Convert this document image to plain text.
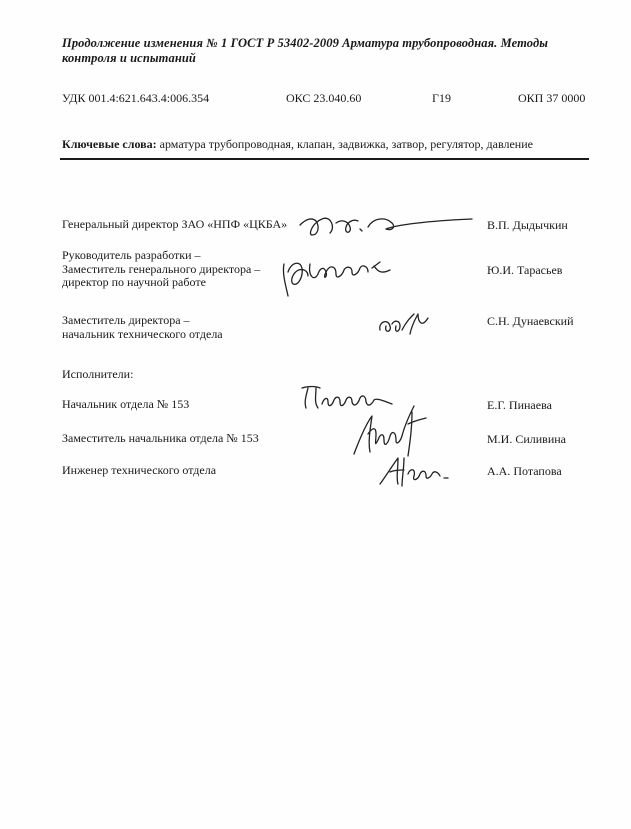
Продолжение изменения № 1 ГОСТ Р 53402-2009 Арматура трубопроводная. Методы контроля и испытаний
УДК 001.4:621.643.4:006.354	ОКС 23.040.60	Г19	ОКП 37 0000
Ключевые слова: арматура трубопроводная, клапан, задвижка, затвор, регулятор, давление
Генеральный директор ЗАО «НПФ «ЦКБА»	В.П. Дыдычкин
Руководитель разработки –
Заместитель генерального директора –
директор по научной работе
Ю.И. Тарасьев
Заместитель директора –
начальник технического отдела
С.Н. Дунаевский
Исполнители:
Начальник отдела № 153	Е.Г. Пинаева
Заместитель начальника отдела № 153	М.И. Силивина
Инженер технического отдела	А.А. Потапова
